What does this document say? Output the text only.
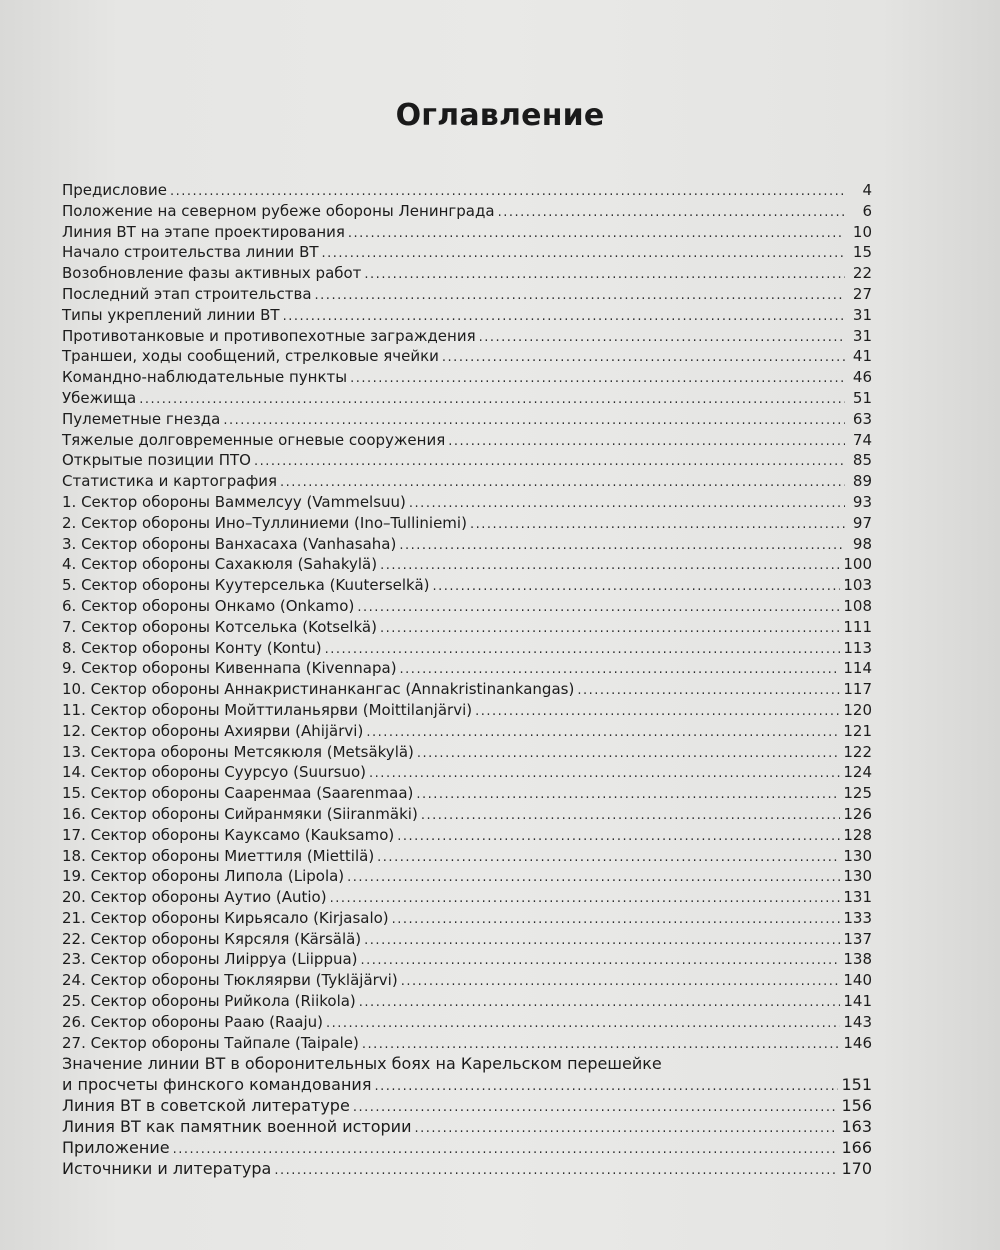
Оглавление
Предисловие .....	4
Положение на северном рубеже обороны Ленинграда .....	6
Линия ВТ на этапе проектирования .....	10
Начало строительства линии ВТ .....	15
Возобновление фазы активных работ .....	22
Последний этап строительства .....	27
Типы укреплений линии ВТ .....	31
Противотанковые и противопехотные заграждения .....	31
Траншеи, ходы сообщений, стрелковые ячейки .....	41
Командно-наблюдательные пункты .....	46
Убежища .....	51
Пулеметные гнезда .....	63
Тяжелые долговременные огневые сооружения .....	74
Открытые позиции ПТО .....	85
Статистика и картография .....	89
1. Сектор обороны Ваммелсуу (Vammelsuu) .....	93
2. Сектор обороны Ино–Туллиниеми (Ino–Tulliniemi) .....	97
3. Сектор обороны Ванхасаха (Vanhasaha) .....	98
4. Сектор обороны Сахакюля (Sahakylä) .....	100
5. Сектор обороны Куутерселька (Kuuterselkä) .....	103
6. Сектор обороны Онкамо (Onkamo) .....	108
7. Сектор обороны Котселька (Kotselkä) .....	111
8. Сектор обороны Конту (Kontu) .....	113
9. Сектор обороны Кивеннапа (Kivennapa) .....	114
10. Сектор обороны Аннакристинанкангас (Annakristinankangas) .....	117
11. Сектор обороны Мойттиланьярви (Moittilanjärvi) .....	120
12. Сектор обороны Ахиярви (Ahijärvi) .....	121
13. Сектора обороны Метсякюля (Metsäkylä) .....	122
14. Сектор обороны Суурсуо (Suursuo) .....	124
15. Сектор обороны Сааренмаа (Saarenmaa) .....	125
16. Сектор обороны Сийранмяки (Siiranmäki) .....	126
17. Сектор обороны Кауксамо (Kauksamo) .....	128
18. Сектор обороны Миеттиля (Miettilä) .....	130
19. Сектор обороны Липола (Lipola) .....	130
20. Сектор обороны Аутио (Autio) .....	131
21. Сектор обороны Кирьясало (Kirjasalo) .....	133
22. Сектор обороны Кярсяля (Kärsälä) .....	137
23. Сектор обороны Лиippуа (Liippua) .....	138
24. Сектор обороны Тюкляярви (Tykläjärvi) .....	140
25. Сектор обороны Рийкола (Riikola) .....	141
26. Сектор обороны Рааю (Raaju) .....	143
27. Сектор обороны Тайпале (Taipale) .....	146
Значение линии ВТ в оборонительных боях на Карельском перешейке
и просчеты финского командования .....	151
Линия ВТ в советской литературе .....	156
Линия ВТ как памятник военной истории .....	163
Приложение .....	166
Источники и литература .....	170
